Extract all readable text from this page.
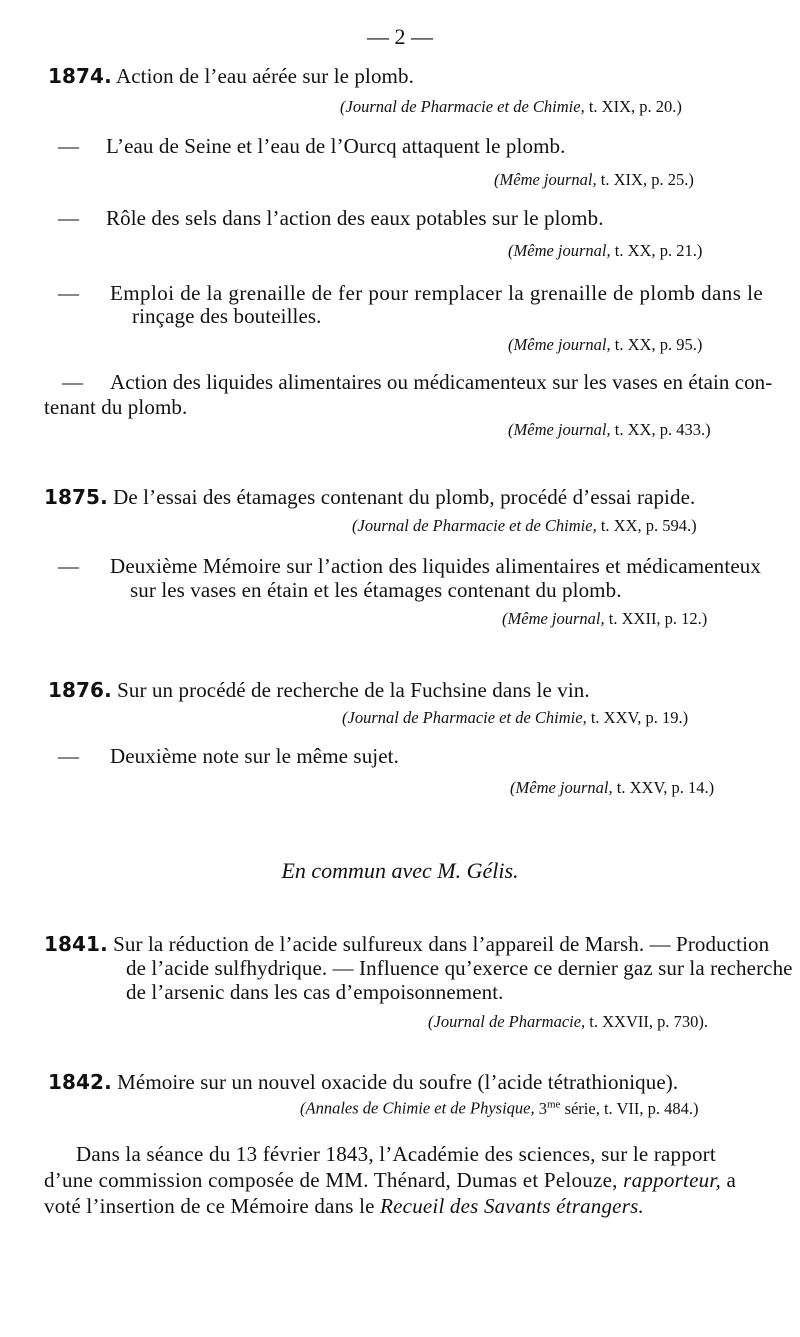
— 2 —
1874. Action de l’eau aérée sur le plomb.
(Journal de Pharmacie et de Chimie, t. XIX, p. 20.)
— L’eau de Seine et l’eau de l’Ourcq attaquent le plomb.
(Même journal, t. XIX, p. 25.)
— Rôle des sels dans l’action des eaux potables sur le plomb.
(Même journal, t. XX, p. 21.)
— Emploi de la grenaille de fer pour remplacer la grenaille de plomb dans le
rinçage des bouteilles.
(Même journal, t. XX, p. 95.)
— Action des liquides alimentaires ou médicamenteux sur les vases en étain con-
tenant du plomb.
(Même journal, t. XX, p. 433.)
1875. De l’essai des étamages contenant du plomb, procédé d’essai rapide.
(Journal de Pharmacie et de Chimie, t. XX, p. 594.)
— Deuxième Mémoire sur l’action des liquides alimentaires et médicamenteux
sur les vases en étain et les étamages contenant du plomb.
(Même journal, t. XXII, p. 12.)
1876. Sur un procédé de recherche de la Fuchsine dans le vin.
(Journal de Pharmacie et de Chimie, t. XXV, p. 19.)
— Deuxième note sur le même sujet.
(Même journal, t. XXV, p. 14.)
En commun avec M. Gélis.
1841. Sur la réduction de l’acide sulfureux dans l’appareil de Marsh. — Production
de l’acide sulfhydrique. — Influence qu’exerce ce dernier gaz sur la recherche
de l’arsenic dans les cas d’empoisonnement.
(Journal de Pharmacie, t. XXVII, p. 730).
1842. Mémoire sur un nouvel oxacide du soufre (l’acide tétrathionique).
(Annales de Chimie et de Physique, $3^{me}$ série, t. VII, p. 484.)
Dans la séance du 13 février 1843, l’Académie des sciences, sur le rapport
d’une commission composée de MM. Thénard, Dumas et Pelouze, rapporteur, a
voté l’insertion de ce Mémoire dans le Recueil des Savants étrangers.
